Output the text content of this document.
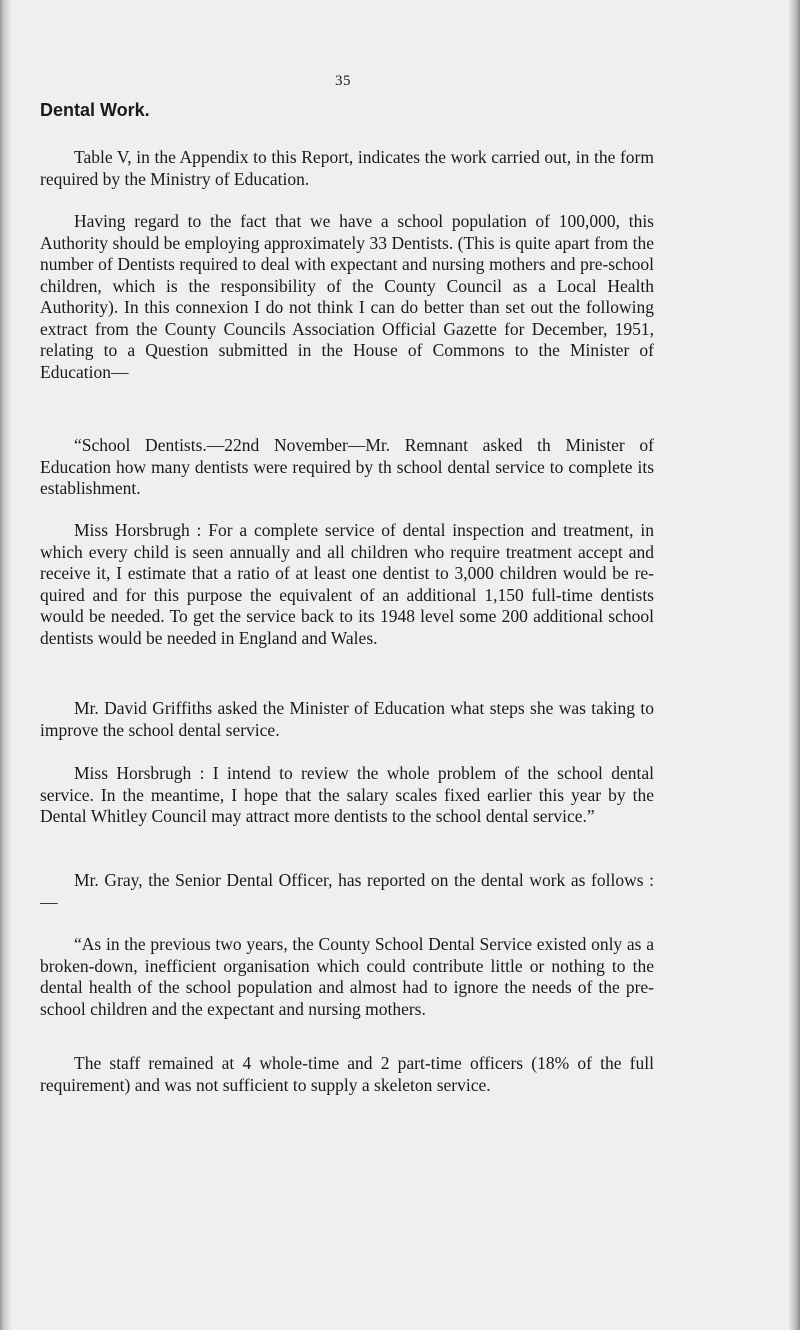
35
Dental Work.

Table V, in the Appendix to this Report, indicates the work carried out, in the form required by the Ministry of Education.

Having regard to the fact that we have a school population of 100,000, this Authority should be employing approximately 33 Dentists. (This is quite apart from the number of Dentists required to deal with expectant and nursing mothers and pre-school children, which is the responsibility of the County Council as a Local Health Authority). In this connexion I do not think I can do better than set out the following extract from the County Councils Association Official Gazette for December, 1951, relating to a Question submitted in the House of Commons to the Minister of Education—

“School Dentists.—22nd November—Mr. Remnant asked th Minister of Education how many dentists were required by th school dental service to complete its establishment.

Miss Horsbrugh : For a complete service of dental inspection and treatment, in which every child is seen annually and all children who require treatment accept and receive it, I estimate that a ratio of at least one dentist to 3,000 children would be re- quired and for this purpose the equivalent of an additional 1,150 full-time dentists would be needed. To get the service back to its 1948 level some 200 additional school dentists would be needed in England and Wales.

Mr. David Griffiths asked the Minister of Education what steps she was taking to improve the school dental service.

Miss Horsbrugh : I intend to review the whole problem of the school dental service. In the meantime, I hope that the salary scales fixed earlier this year by the Dental Whitley Council may attract more dentists to the school dental service.”

Mr. Gray, the Senior Dental Officer, has reported on the dental work as follows :—

“As in the previous two years, the County School Dental Service existed only as a broken-down, inefficient organisation which could contribute little or nothing to the dental health of the school population and almost had to ignore the needs of the pre-school children and the expectant and nursing mothers.

The staff remained at 4 whole-time and 2 part-time officers (18% of the full requirement) and was not sufficient to supply a skeleton service.
